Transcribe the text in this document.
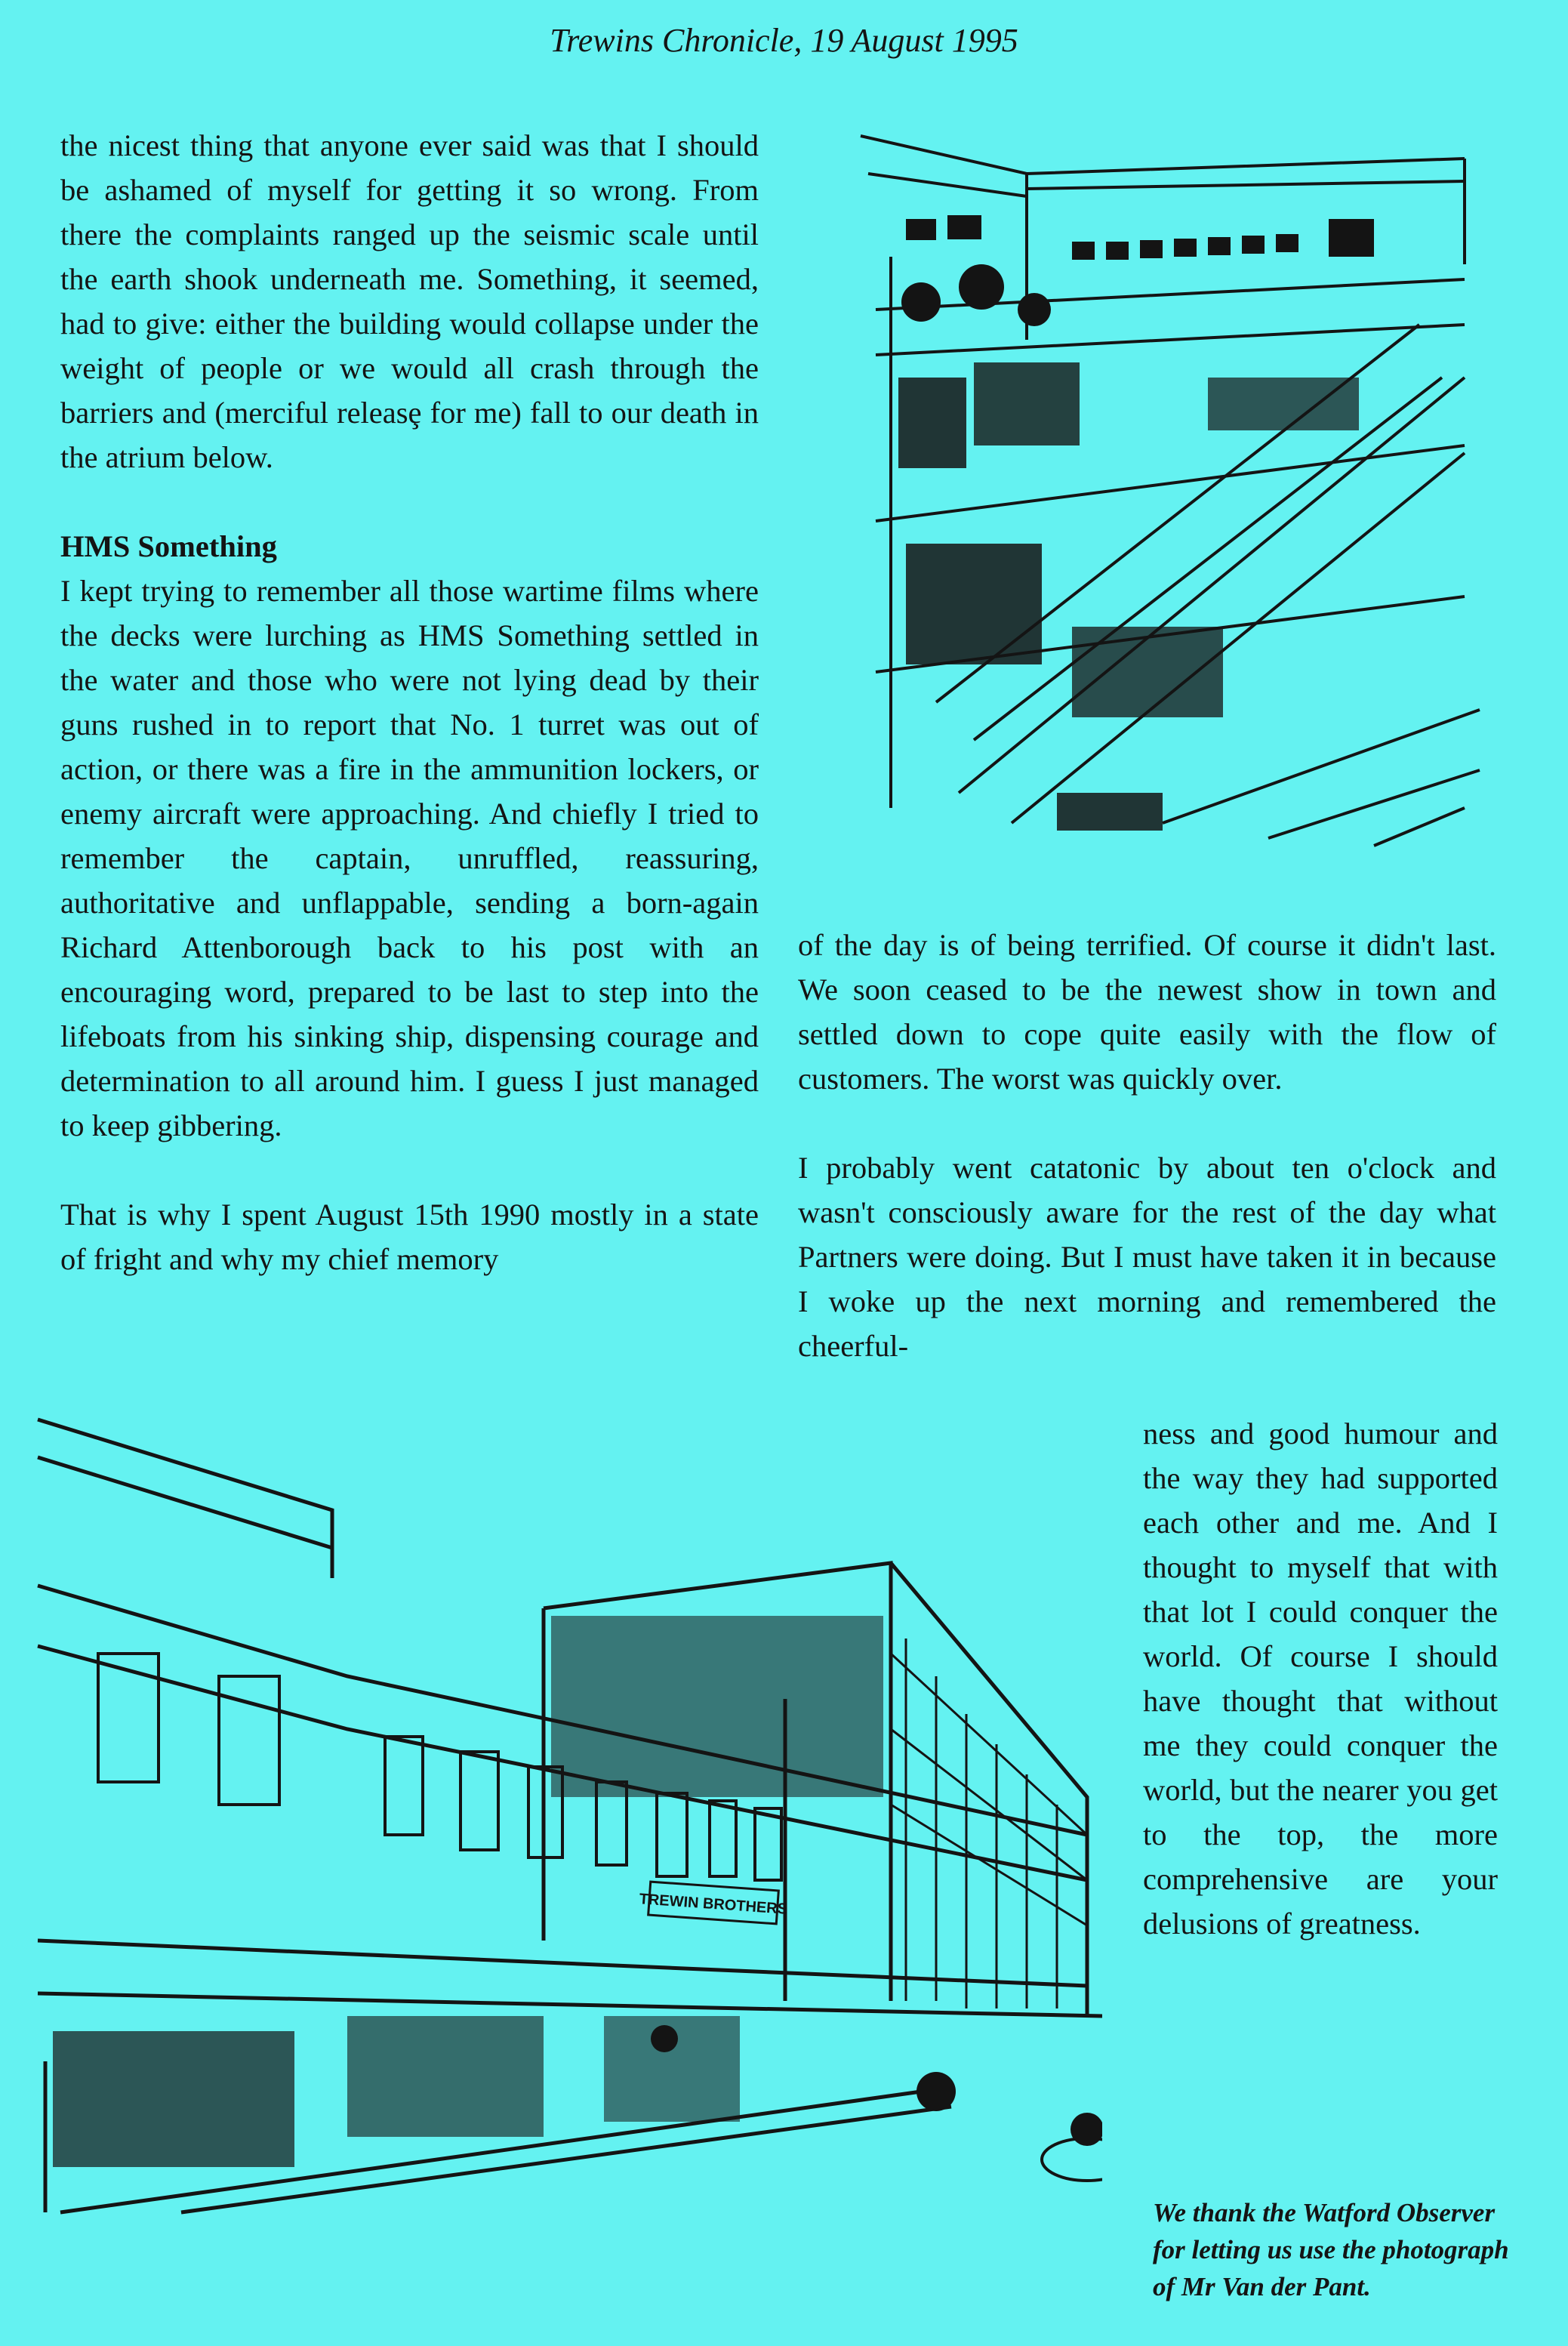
Trewins Chronicle, 19 August 1995

the nicest thing that anyone ever said was that I should be ashamed of myself for getting it so wrong. From there the complaints ranged up the seismic scale until the earth shook underneath me. Something, it seemed, had to give: either the building would collapse under the weight of people or we would all crash through the barriers and (merciful releasȩ for me) fall to our death in the atrium below.

HMS Something

I kept trying to remember all those wartime films where the decks were lurching as HMS Something settled in the water and those who were not lying dead by their guns rushed in to report that No. 1 turret was out of action, or there was a fire in the ammunition lockers, or enemy aircraft were approaching. And chiefly I tried to remember the captain, unruffled, reassuring, authoritative and unflappable, sending a born-again Richard Attenborough back to his post with an encouraging word, prepared to be last to step into the lifeboats from his sinking ship, dispensing courage and determination to all around him. I guess I just managed to keep gibbering.

That is why I spent August 15th 1990 mostly in a state of fright and why my chief memory

of the day is of being terrified. Of course it didn't last. We soon ceased to be the newest show in town and settled down to cope quite easily with the flow of customers. The worst was quickly over.

I probably went catatonic by about ten o'clock and wasn't consciously aware for the rest of the day what Partners were doing. But I must have taken it in because I woke up the next morning and remembered the cheerful-

ness and good humour and the way they had supported each other and me. And I thought to myself that with that lot I could conquer the world. Of course I should have thought that without me they could conquer the world, but the nearer you get to the top, the more comprehensive are your delusions of greatness.

TREWIN BROTHERS
We thank the Watford Observer for letting us use the photograph of Mr Van der Pant.
